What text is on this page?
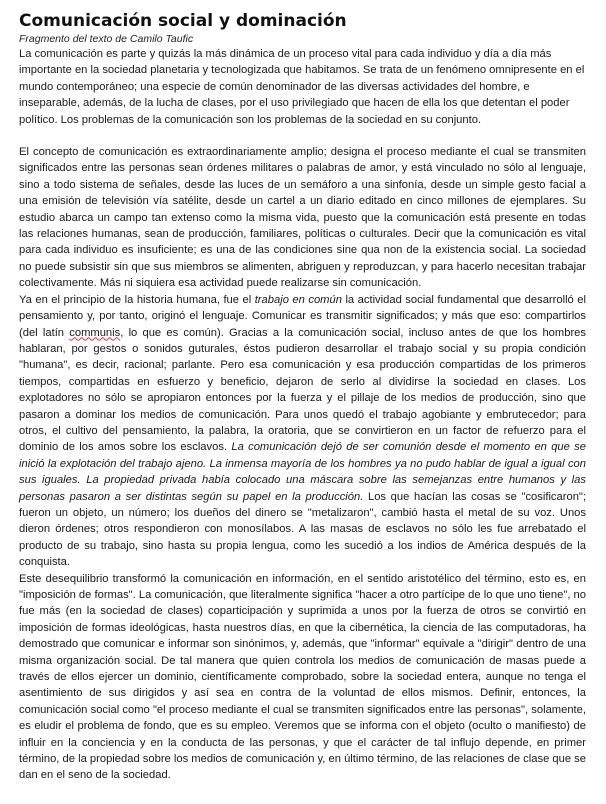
Comunicación social y dominación

Fragmento del texto de Camilo Taufic

La comunicación es parte y quizás la más dinámica de un proceso vital para cada individuo y día a día más importante en la sociedad planetaria y tecnologizada que habitamos. Se trata de un fenómeno omnipresente en el mundo contemporáneo; una especie de común denominador de las diversas actividades del hombre, e inseparable, además, de la lucha de clases, por el uso privilegiado que hacen de ella los que detentan el poder político. Los problemas de la comunicación son los problemas de la sociedad en su conjunto.

El concepto de comunicación es extraordinariamente amplio; designa el proceso mediante el cual se transmiten significados entre las personas sean órdenes militares o palabras de amor, y está vinculado no sólo al lenguaje, sino a todo sistema de señales, desde las luces de un semáforo a una sinfonía, desde un simple gesto facial a una emisión de televisión vía satélite, desde un cartel a un diario editado en cinco millones de ejemplares. Su estudio abarca un campo tan extenso como la misma vida, puesto que la comunicación está presente en todas las relaciones humanas, sean de producción, familiares, políticas o culturales. Decir que la comunicación es vital para cada individuo es insuficiente; es una de las condiciones sine qua non de la existencia social. La sociedad no puede subsistir sin que sus miembros se alimenten, abriguen y reproduzcan, y para hacerlo necesitan trabajar colectivamente. Más ni siquiera esa actividad puede realizarse sin comunicación.

Ya en el principio de la historia humana, fue el trabajo en común la actividad social fundamental que desarrolló el pensamiento y, por tanto, originó el lenguaje. Comunicar es transmitir significados; y más que eso: compartirlos (del latín communis, lo que es común). Gracias a la comunicación social, incluso antes de que los hombres hablaran, por gestos o sonidos guturales, éstos pudieron desarrollar el trabajo social y su propia condición "humana", es decir, racional; parlante. Pero esa comunicación y esa producción compartidas de los primeros tiempos, compartidas en esfuerzo y beneficio, dejaron de serlo al dividirse la sociedad en clases. Los explotadores no sólo se apropiaron entonces por la fuerza y el pillaje de los medios de producción, sino que pasaron a dominar los medios de comunicación. Para unos quedó el trabajo agobiante y embrutecedor; para otros, el cultivo del pensamiento, la palabra, la oratoria, que se convirtieron en un factor de refuerzo para el dominio de los amos sobre los esclavos. La comunicación dejó de ser comunión desde el momento en que se inició la explotación del trabajo ajeno. La inmensa mayoría de los hombres ya no pudo hablar de igual a igual con sus iguales. La propiedad privada había colocado una máscara sobre las semejanzas entre humanos y las personas pasaron a ser distintas según su papel en la producción. Los que hacían las cosas se "cosificaron"; fueron un objeto, un número; los dueños del dinero se "metalizaron", cambió hasta el metal de su voz. Unos dieron órdenes; otros respondieron con monosílabos. A las masas de esclavos no sólo les fue arrebatado el producto de su trabajo, sino hasta su propia lengua, como les sucedió a los indios de América después de la conquista.

Este desequilibrio transformó la comunicación en información, en el sentido aristotélico del término, esto es, en "imposición de formas". La comunicación, que literalmente significa "hacer a otro partícipe de lo que uno tiene", no fue más (en la sociedad de clases) coparticipación y suprimida a unos por la fuerza de otros se convirtió en imposición de formas ideológicas, hasta nuestros días, en que la cibernética, la ciencia de las computadoras, ha demostrado que comunicar e informar son sinónimos, y, además, que "informar" equivale a "dirigir" dentro de una misma organización social. De tal manera que quien controla los medios de comunicación de masas puede a través de ellos ejercer un dominio, científicamente comprobado, sobre la sociedad entera, aunque no tenga el asentimiento de sus dirigidos y así sea en contra de la voluntad de ellos mismos. Definir, entonces, la comunicación social como "el proceso mediante el cual se transmiten significados entre las personas", solamente, es eludir el problema de fondo, que es su empleo. Veremos que se informa con el objeto (oculto o manifiesto) de influir en la conciencia y en la conducta de las personas, y que el carácter de tal influjo depende, en primer término, de la propiedad sobre los medios de comunicación y, en último término, de las relaciones de clase que se dan en el seno de la sociedad.
